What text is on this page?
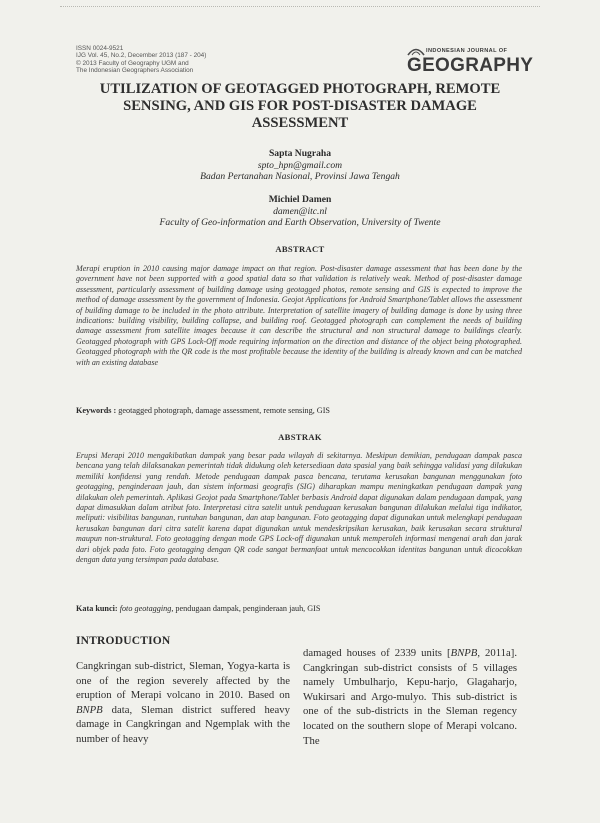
ISSN 0024-9521
IJG Vol. 45, No.2, December 2013 (187 - 204)
© 2013 Faculty of Geography UGM and
The Indonesian Geographers Association
INDONESIAN JOURNAL OF
GEOGRAPHY
UTILIZATION OF GEOTAGGED PHOTOGRAPH, REMOTE
SENSING, AND GIS FOR POST-DISASTER DAMAGE
ASSESSMENT
Sapta Nugraha
spto_hpn@gmail.com
Badan Pertanahan Nasional, Provinsi Jawa Tengah
Michiel Damen
damen@itc.nl
Faculty of Geo-information and Earth Observation, University of Twente
ABSTRACT
Merapi eruption in 2010 causing major damage impact on that region. Post-disaster damage assessment that has been done by the government have not been supported with a good spatial data so that validation is relatively weak. Method of post-disaster damage assessment, particularly assessment of building damage using geotagged photos, remote sensing and GIS is expected to improve the method of damage assessment by the government of Indonesia. Geojot Applications for Android Smartphone/Tablet allows the assessment of building damage to be included in the photo attribute. Interpretation of satellite imagery of building damage is done by using three indications: building visibility, building collapse, and building roof. Geotagged photograph can complement the needs of building damage assessment from satellite images because it can describe the structural and non structural damage to buildings clearly. Geotagged photograph with GPS Lock-Off mode requiring information on the direction and distance of the object being photographed. Geotagged photograph with the QR code is the most profitable because the identity of the building is already known and can be matched with an existing database
Keywords : geotagged photograph, damage assessment, remote sensing, GIS
ABSTRAK
Erupsi Merapi 2010 mengakibatkan dampak yang besar pada wilayah di sekitarnya. Meskipun demikian, pendugaan dampak pasca bencana yang telah dilaksanakan pemerintah tidak didukung oleh ketersediaan data spasial yang baik sehingga validasi yang dilakukan memiliki konfidensi yang rendah. Metode pendugaan dampak pasca bencana, terutama kerusakan bangunan menggunakan foto geotagging, penginderaan jauh, dan sistem informasi geografis (SIG) diharapkan mampu meningkatkan pendugaan dampak yang dilakukan oleh pemerintah. Aplikasi Geojot pada Smartphone/Tablet berbasis Android dapat digunakan dalam pendugaan dampak, yang dapat dimasukkan dalam atribut foto. Interpretasi citra satelit untuk pendugaan kerusakan bangunan dilakukan melalui tiga indikator, meliputi: visibilitas bangunan, runtuhan bangunan, dan atap bangunan. Foto geotagging dapat digunakan untuk melengkapi pendugaan kerusakan bangunan dari citra satelit karena dapat digunakan untuk mendeskripsikan kerusakan, baik kerusakan secara struktural maupun non-struktural. Foto geotagging dengan mode GPS Lock-off digunakan untuk memperoleh informasi mengenai arah dan jarak dari objek pada foto. Foto geotagging dengan QR code sangat bermanfaat untuk mencocokkan identitas bangunan untuk dicocokkan dengan data yang tersimpan pada database.
Kata kunci: foto geotagging, pendugaan dampak, penginderaan jauh, GIS
INTRODUCTION
Cangkringan sub-district, Sleman, Yogya-karta is one of the region severely affected by the eruption of Merapi volcano in 2010. Based on BNPB data, Sleman district suffered heavy damage in Cangkringan and Ngemplak with the number of heavy
damaged houses of 2339 units [BNPB, 2011a]. Cangkringan sub-district consists of 5 villages namely Umbulharjo, Kepu-harjo, Glagaharjo, Wukirsari and Argo-mulyo. This sub-district is one of the sub-districts in the Sleman regency located on the southern slope of Merapi volcano. The
